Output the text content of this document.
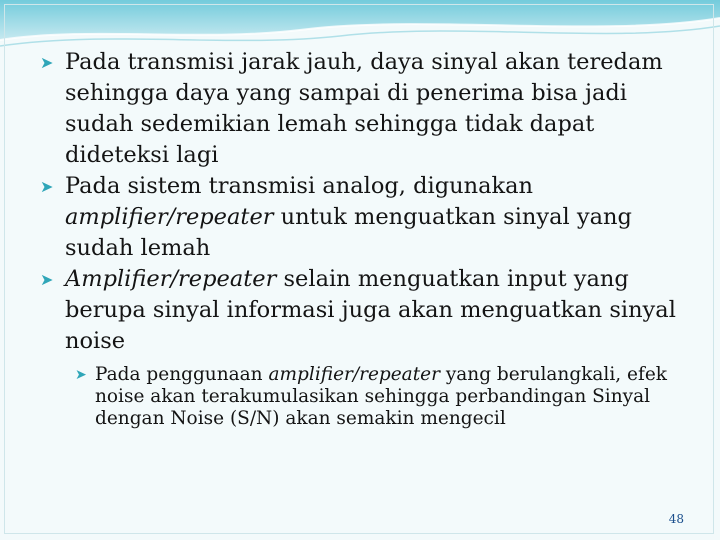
➤ Pada transmisi jarak jauh, daya sinyal akan teredam sehingga daya yang sampai di penerima bisa jadi sudah sedemikian lemah sehingga tidak dapat dideteksi lagi

➤ Pada sistem transmisi analog, digunakan amplifier/repeater untuk menguatkan sinyal yang sudah lemah

➤ Amplifier/repeater selain menguatkan input yang berupa sinyal informasi juga akan menguatkan sinyal noise

➤ Pada penggunaan amplifier/repeater yang berulangkali, efek noise akan terakumulasikan sehingga perbandingan Sinyal dengan Noise (S/N) akan semakin mengecil

48
